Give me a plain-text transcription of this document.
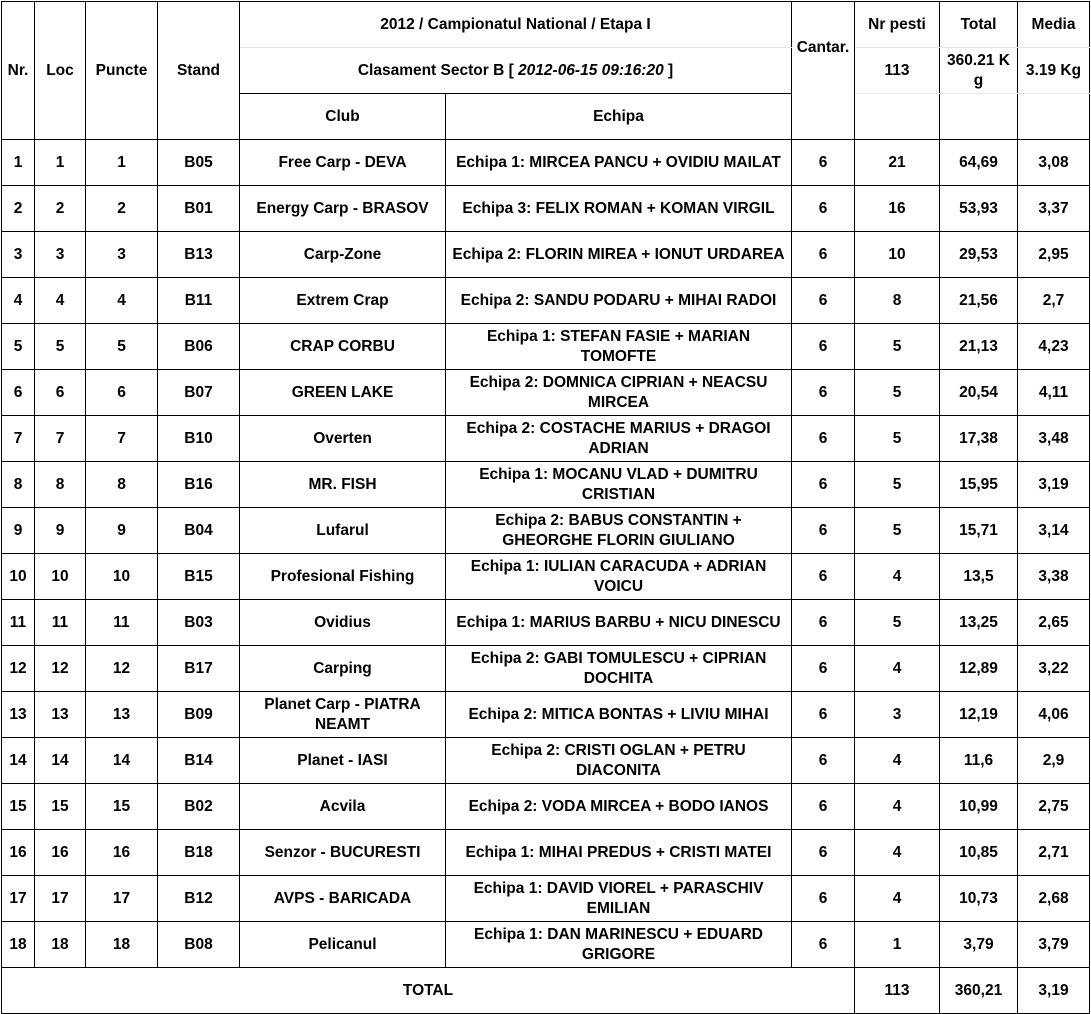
Nr.	Loc	Puncte	Stand	2012 / Campionatul National / Etapa I		Cantar.	Nr pesti	Total	Media
				Clasament Sector B [ 2012-06-15 09:16:20 ]			113	360.21 K g	3.19 Kg
				Club	Echipa				
1	1	1	B05	Free Carp - DEVA	Echipa 1: MIRCEA PANCU + OVIDIU MAILAT	6	21	64,69	3,08
2	2	2	B01	Energy Carp - BRASOV	Echipa 3: FELIX ROMAN + KOMAN VIRGIL	6	16	53,93	3,37
3	3	3	B13	Carp-Zone	Echipa 2: FLORIN MIREA + IONUT URDAREA	6	10	29,53	2,95
4	4	4	B11	Extrem Crap	Echipa 2: SANDU PODARU + MIHAI RADOI	6	8	21,56	2,7
5	5	5	B06	CRAP CORBU	Echipa 1: STEFAN FASIE + MARIAN TOMOFTE	6	5	21,13	4,23
6	6	6	B07	GREEN LAKE	Echipa 2: DOMNICA CIPRIAN + NEACSU MIRCEA	6	5	20,54	4,11
7	7	7	B10	Overten	Echipa 2: COSTACHE MARIUS + DRAGOI ADRIAN	6	5	17,38	3,48
8	8	8	B16	MR. FISH	Echipa 1: MOCANU VLAD + DUMITRU CRISTIAN	6	5	15,95	3,19
9	9	9	B04	Lufarul	Echipa 2: BABUS CONSTANTIN + GHEORGHE FLORIN GIULIANO	6	5	15,71	3,14
10	10	10	B15	Profesional Fishing	Echipa 1: IULIAN CARACUDA + ADRIAN VOICU	6	4	13,5	3,38
11	11	11	B03	Ovidius	Echipa 1: MARIUS BARBU + NICU DINESCU	6	5	13,25	2,65
12	12	12	B17	Carping	Echipa 2: GABI TOMULESCU + CIPRIAN DOCHITA	6	4	12,89	3,22
13	13	13	B09	Planet Carp - PIATRA NEAMT	Echipa 2: MITICA BONTAS + LIVIU MIHAI	6	3	12,19	4,06
14	14	14	B14	Planet - IASI	Echipa 2: CRISTI OGLAN + PETRU DIACONITA	6	4	11,6	2,9
15	15	15	B02	Acvila	Echipa 2: VODA MIRCEA + BODO IANOS	6	4	10,99	2,75
16	16	16	B18	Senzor - BUCURESTI	Echipa 1: MIHAI PREDUS + CRISTI MATEI	6	4	10,85	2,71
17	17	17	B12	AVPS - BARICADA	Echipa 1: DAVID VIOREL + PARASCHIV EMILIAN	6	4	10,73	2,68
18	18	18	B08	Pelicanul	Echipa 1: DAN MARINESCU + EDUARD GRIGORE	6	1	3,79	3,79
TOTAL							113	360,21	3,19
